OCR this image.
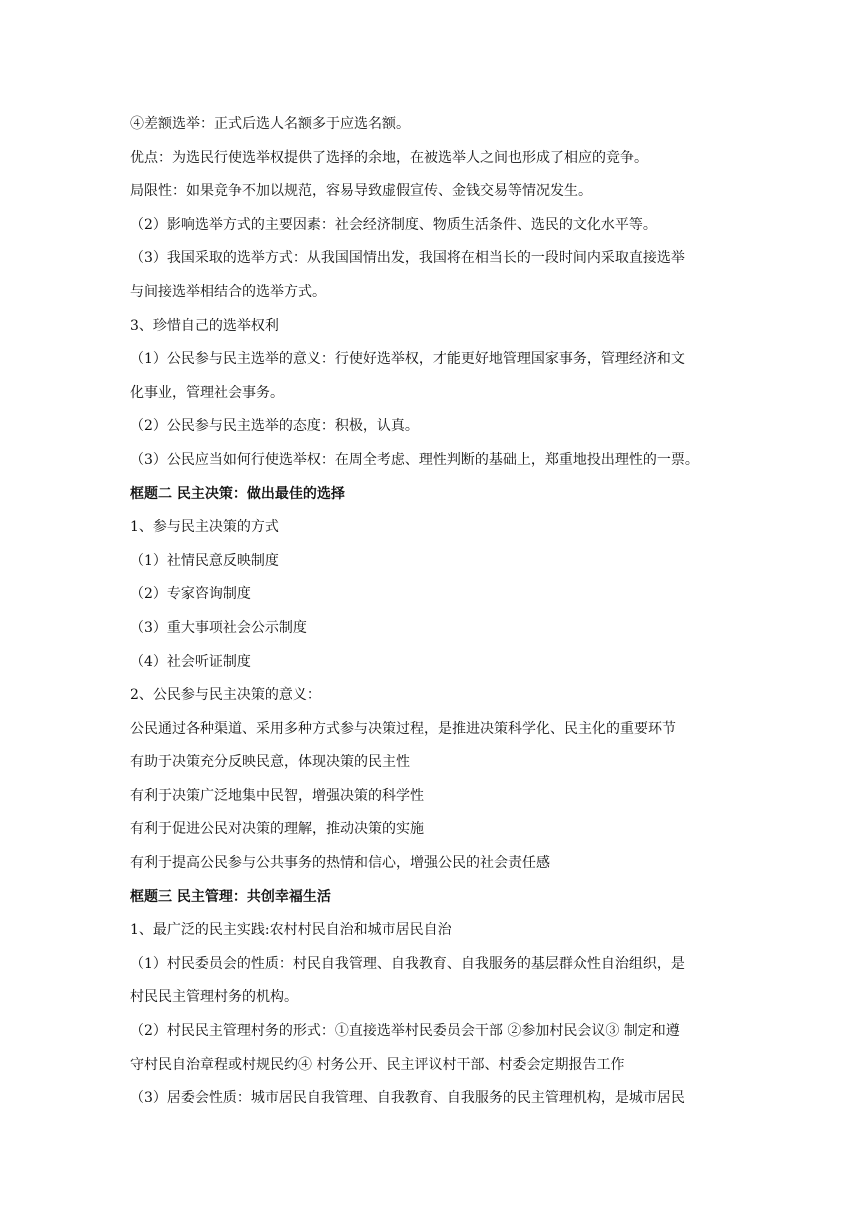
④差额选举：正式后选人名额多于应选名额。
优点：为选民行使选举权提供了选择的余地，在被选举人之间也形成了相应的竞争。
局限性：如果竞争不加以规范，容易导致虚假宣传、金钱交易等情况发生。
（2）影响选举方式的主要因素：社会经济制度、物质生活条件、选民的文化水平等。
（3）我国采取的选举方式：从我国国情出发，我国将在相当长的一段时间内采取直接选举
与间接选举相结合的选举方式。
3、珍惜自己的选举权利
（1）公民参与民主选举的意义：行使好选举权，才能更好地管理国家事务，管理经济和文
化事业，管理社会事务。
（2）公民参与民主选举的态度：积极，认真。
（3）公民应当如何行使选举权：在周全考虑、理性判断的基础上，郑重地投出理性的一票。
框题二 民主决策：做出最佳的选择
1、参与民主决策的方式
（1）社情民意反映制度
（2）专家咨询制度
（3）重大事项社会公示制度
（4）社会听证制度
2、公民参与民主决策的意义：
公民通过各种渠道、采用多种方式参与决策过程，是推进决策科学化、民主化的重要环节
有助于决策充分反映民意，体现决策的民主性
有利于决策广泛地集中民智，增强决策的科学性
有利于促进公民对决策的理解，推动决策的实施
有利于提高公民参与公共事务的热情和信心，增强公民的社会责任感
框题三 民主管理：共创幸福生活
1、最广泛的民主实践:农村村民自治和城市居民自治
（1）村民委员会的性质：村民自我管理、自我教育、自我服务的基层群众性自治组织，是
村民民主管理村务的机构。
（2）村民民主管理村务的形式：①直接选举村民委员会干部 ②参加村民会议③ 制定和遵
守村民自治章程或村规民约④ 村务公开、民主评议村干部、村委会定期报告工作
（3）居委会性质：城市居民自我管理、自我教育、自我服务的民主管理机构，是城市居民
